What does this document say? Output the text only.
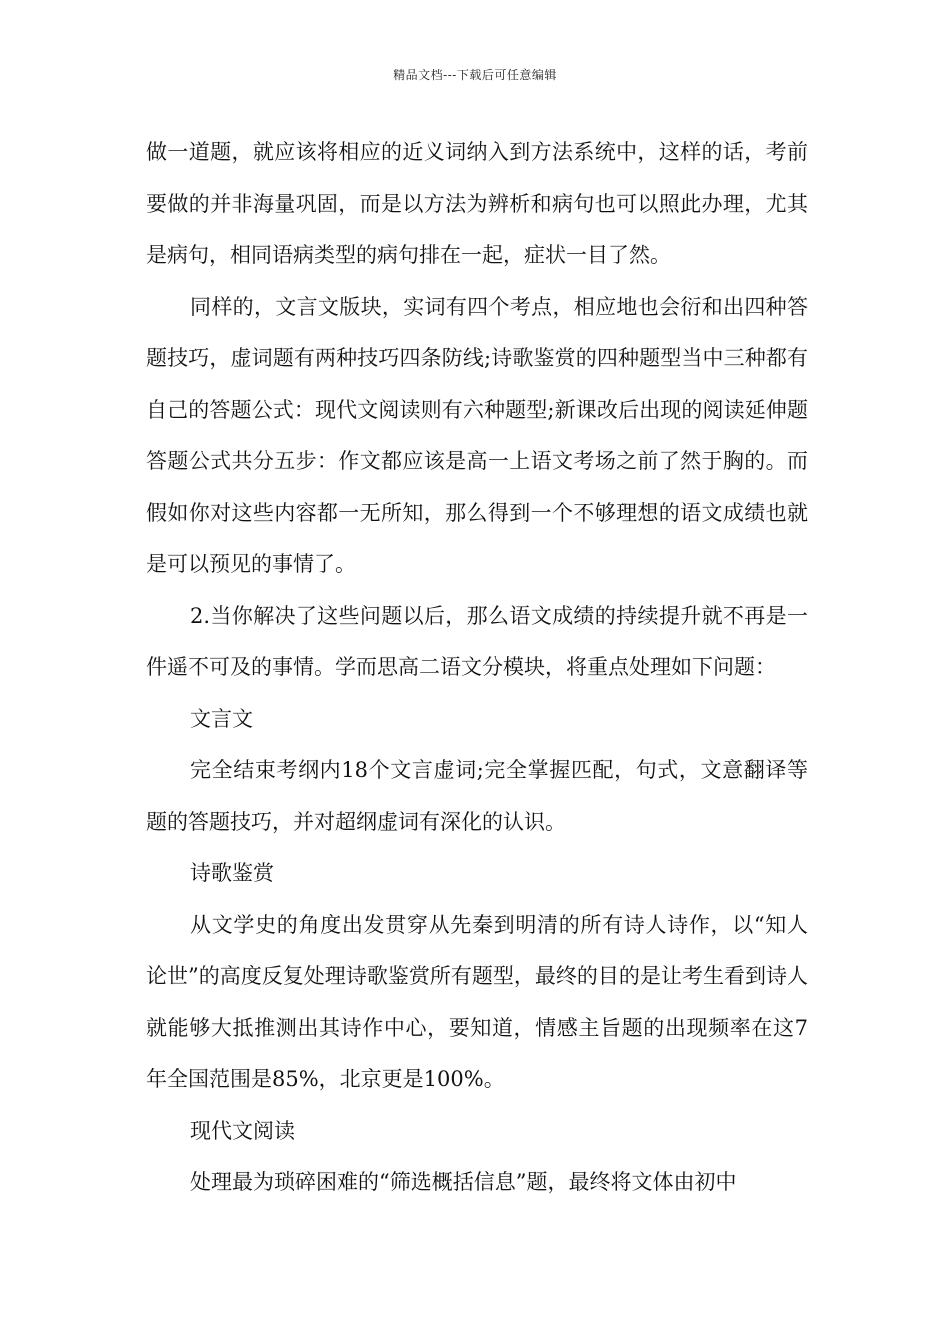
精品文档---下载后可任意编辑

做一道题，就应该将相应的近义词纳入到方法系统中，这样的话，考前要做的并非海量巩固，而是以方法为辨析和病句也可以照此办理，尤其是病句，相同语病类型的病句排在一起，症状一目了然。

同样的，文言文版块，实词有四个考点，相应地也会衍和出四种答题技巧，虚词题有两种技巧四条防线;诗歌鉴赏的四种题型当中三种都有自己的答题公式：现代文阅读则有六种题型;新课改后出现的阅读延伸题答题公式共分五步：作文都应该是高一上语文考场之前了然于胸的。而假如你对这些内容都一无所知，那么得到一个不够理想的语文成绩也就是可以预见的事情了。

2.当你解决了这些问题以后，那么语文成绩的持续提升就不再是一件遥不可及的事情。学而思高二语文分模块，将重点处理如下问题：

文言文

完全结束考纲内18个文言虚词;完全掌握匹配，句式，文意翻译等题的答题技巧，并对超纲虚词有深化的认识。

诗歌鉴赏

从文学史的角度出发贯穿从先秦到明清的所有诗人诗作，以“知人论世”的高度反复处理诗歌鉴赏所有题型，最终的目的是让考生看到诗人就能够大抵推测出其诗作中心，要知道，情感主旨题的出现频率在这7年全国范围是85%，北京更是100%。

现代文阅读

处理最为琐碎困难的“筛选概括信息”题，最终将文体由初中
